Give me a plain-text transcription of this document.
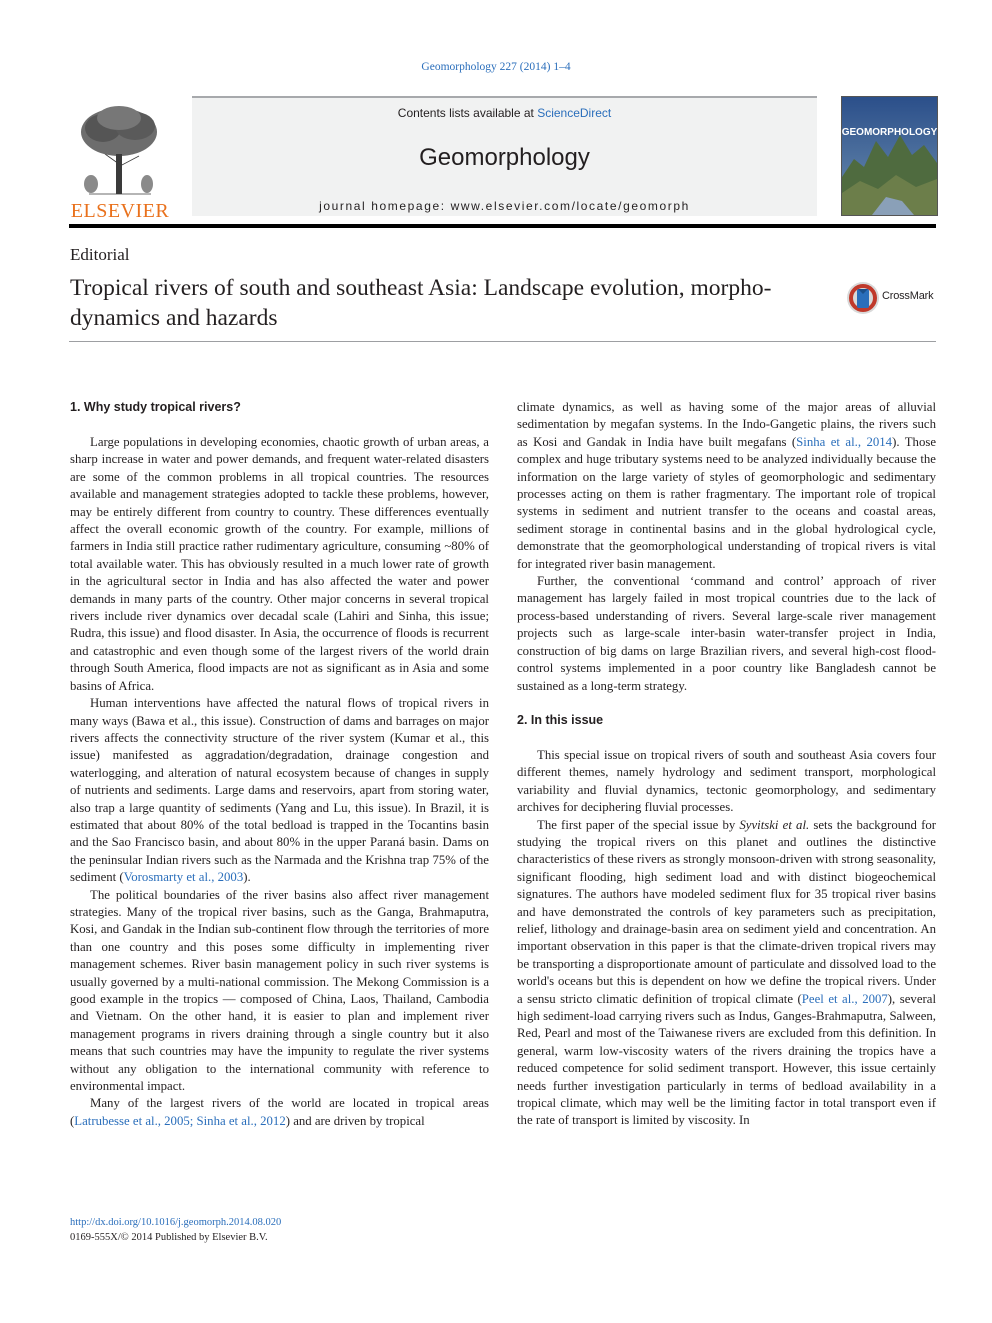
Geomorphology 227 (2014) 1–4
ELSEVIER
Contents lists available at ScienceDirect
Geomorphology
journal homepage: www.elsevier.com/locate/geomorph
GEOMORPHOLOGY
Editorial
Tropical rivers of south and southeast Asia: Landscape evolution, morpho-dynamics and hazards
CrossMark
1. Why study tropical rivers?

Large populations in developing economies, chaotic growth of urban areas, a sharp increase in water and power demands, and frequent water-related disasters are some of the common problems in all tropical countries. The resources available and management strategies adopted to tackle these problems, however, may be entirely different from country to country. These differences eventually affect the overall economic growth of the country. For example, millions of farmers in India still practice rather rudimentary agriculture, consuming ~80% of total available water. This has obviously resulted in a much lower rate of growth in the agricultural sector in India and has also affected the water and power demands in many parts of the country. Other major concerns in several tropical rivers include river dynamics over decadal scale (Lahiri and Sinha, this issue; Rudra, this issue) and flood disaster. In Asia, the occurrence of floods is recurrent and catastrophic and even though some of the largest rivers of the world drain through South America, flood impacts are not as significant as in Asia and some basins of Africa.

Human interventions have affected the natural flows of tropical rivers in many ways (Bawa et al., this issue). Construction of dams and barrages on major rivers affects the connectivity structure of the river system (Kumar et al., this issue) manifested as aggradation/degradation, drainage congestion and waterlogging, and alteration of natural ecosystem because of changes in supply of nutrients and sediments. Large dams and reservoirs, apart from storing water, also trap a large quantity of sediments (Yang and Lu, this issue). In Brazil, it is estimated that about 80% of the total bedload is trapped in the Tocantins basin and the Sao Francisco basin, and about 80% in the upper Paraná basin. Dams on the peninsular Indian rivers such as the Narmada and the Krishna trap 75% of the sediment (Vorosmarty et al., 2003).

The political boundaries of the river basins also affect river management strategies. Many of the tropical river basins, such as the Ganga, Brahmaputra, Kosi, and Gandak in the Indian sub-continent flow through the territories of more than one country and this poses some difficulty in implementing river management schemes. River basin management policy in such river systems is usually governed by a multi-national commission. The Mekong Commission is a good example in the tropics — composed of China, Laos, Thailand, Cambodia and Vietnam. On the other hand, it is easier to plan and implement river management programs in rivers draining through a single country but it also means that such countries may have the impunity to regulate the river systems without any obligation to the international community with reference to environmental impact.

Many of the largest rivers of the world are located in tropical areas (Latrubesse et al., 2005; Sinha et al., 2012) and are driven by tropical

climate dynamics, as well as having some of the major areas of alluvial sedimentation by megafan systems. In the Indo-Gangetic plains, the rivers such as Kosi and Gandak in India have built megafans (Sinha et al., 2014). Those complex and huge tributary systems need to be analyzed individually because the information on the large variety of styles of geomorphologic and sedimentary processes acting on them is rather fragmentary. The important role of tropical systems in sediment and nutrient transfer to the oceans and coastal areas, sediment storage in continental basins and in the global hydrological cycle, demonstrate that the geomorphological understanding of tropical rivers is vital for integrated river basin management.

Further, the conventional ‘command and control’ approach of river management has largely failed in most tropical countries due to the lack of process-based understanding of rivers. Several large-scale river management projects such as large-scale inter-basin water-transfer project in India, construction of big dams on large Brazilian rivers, and several high-cost flood-control systems implemented in a poor country like Bangladesh cannot be sustained as a long-term strategy.

2. In this issue

This special issue on tropical rivers of south and southeast Asia covers four different themes, namely hydrology and sediment transport, morphological variability and fluvial dynamics, tectonic geomorphology, and sedimentary archives for deciphering fluvial processes.

The first paper of the special issue by Syvitski et al. sets the background for studying the tropical rivers on this planet and outlines the distinctive characteristics of these rivers as strongly monsoon-driven with strong seasonality, significant flooding, high sediment load and with distinct biogeochemical signatures. The authors have modeled sediment flux for 35 tropical river basins and have demonstrated the controls of key parameters such as precipitation, relief, lithology and drainage-basin area on sediment yield and concentration. An important observation in this paper is that the climate-driven tropical rivers may be transporting a disproportionate amount of particulate and dissolved load to the world's oceans but this is dependent on how we define the tropical rivers. Under a sensu stricto climatic definition of tropical climate (Peel et al., 2007), several high sediment-load carrying rivers such as Indus, Ganges-Brahmaputra, Salween, Red, Pearl and most of the Taiwanese rivers are excluded from this definition. In general, warm low-viscosity waters of the rivers draining the tropics have a reduced competence for solid sediment transport. However, this issue certainly needs further investigation particularly in terms of bedload availability in a tropical climate, which may well be the limiting factor in total transport even if the rate of transport is limited by viscosity. In

http://dx.doi.org/10.1016/j.geomorph.2014.08.020
0169-555X/© 2014 Published by Elsevier B.V.
